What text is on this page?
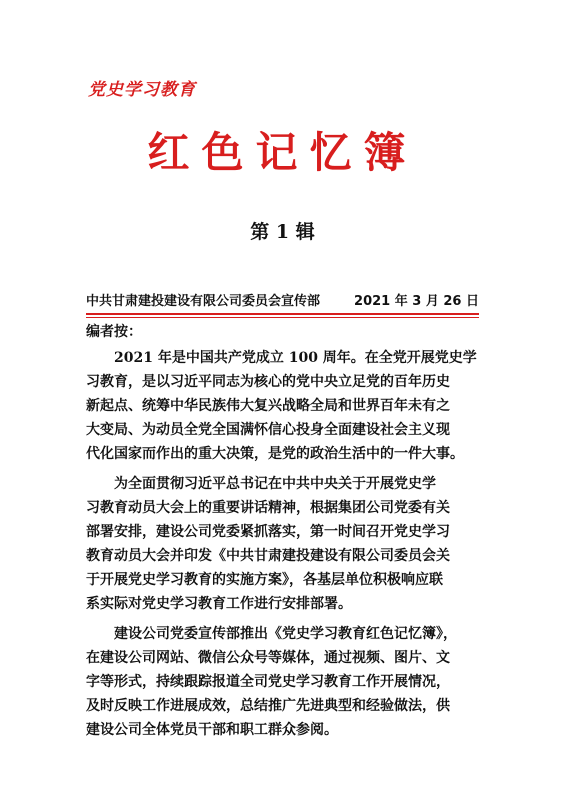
党史学习教育
红色记忆簿
第 1 辑
中共甘肃建投建设有限公司委员会宣传部	2021 年 3 月 26 日
编者按：

2021 年是中国共产党成立 100 周年。在全党开展党史学
习教育，是以习近平同志为核心的党中央立足党的百年历史
新起点、统筹中华民族伟大复兴战略全局和世界百年未有之
大变局、为动员全党全国满怀信心投身全面建设社会主义现
代化国家而作出的重大决策，是党的政治生活中的一件大事。

为全面贯彻习近平总书记在中共中央关于开展党史学
习教育动员大会上的重要讲话精神，根据集团公司党委有关
部署安排，建设公司党委紧抓落实，第一时间召开党史学习
教育动员大会并印发《中共甘肃建投建设有限公司委员会关
于开展党史学习教育的实施方案》，各基层单位积极响应联
系实际对党史学习教育工作进行安排部署。

建设公司党委宣传部推出《党史学习教育红色记忆簿》，
在建设公司网站、微信公众号等媒体，通过视频、图片、文
字等形式，持续跟踪报道全司党史学习教育工作开展情况，
及时反映工作进展成效，总结推广先进典型和经验做法，供
建设公司全体党员干部和职工群众参阅。
